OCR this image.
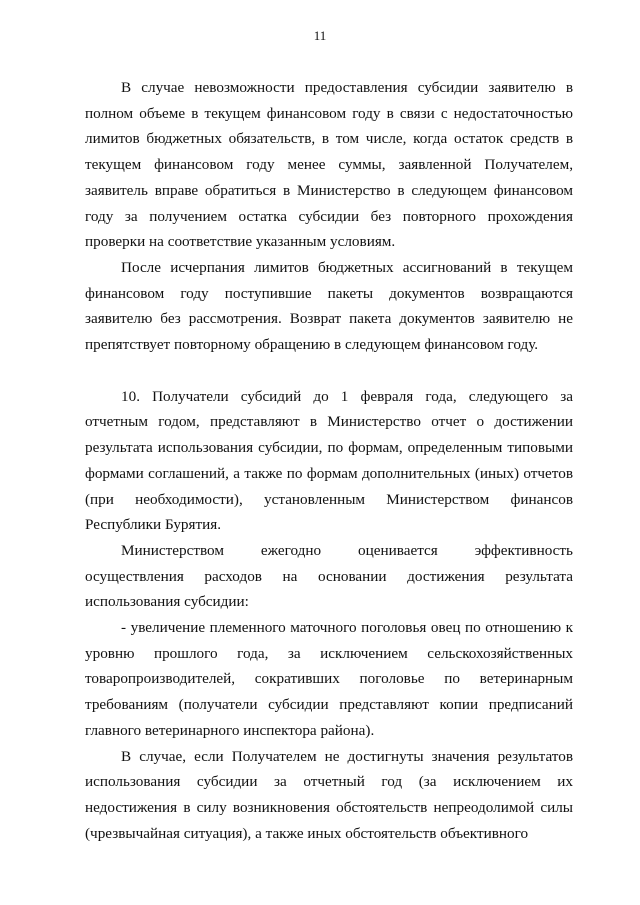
11

В случае невозможности предоставления субсидии заявителю в полном объеме в текущем финансовом году в связи с недостаточностью лимитов бюджетных обязательств, в том числе, когда остаток средств в текущем финансовом году менее суммы, заявленной Получателем, заявитель вправе обратиться в Министерство в следующем финансовом году за получением остатка субсидии без повторного прохождения проверки на соответствие указанным условиям.

После исчерпания лимитов бюджетных ассигнований в текущем финансовом году поступившие пакеты документов возвращаются заявителю без рассмотрения. Возврат пакета документов заявителю не препятствует повторному обращению в следующем финансовом году.

10. Получатели субсидий до 1 февраля года, следующего за отчетным годом, представляют в Министерство отчет о достижении результата использования субсидии, по формам, определенным типовыми формами соглашений, а также по формам дополнительных (иных) отчетов (при необходимости), установленным Министерством финансов Республики Бурятия.

Министерством ежегодно оценивается эффективность осуществления расходов на основании достижения результата использования субсидии:

- увеличение племенного маточного поголовья овец по отношению к уровню прошлого года, за исключением сельскохозяйственных товаропроизводителей, сокративших поголовье по ветеринарным требованиям (получатели субсидии представляют копии предписаний главного ветеринарного инспектора района).

В случае, если Получателем не достигнуты значения результатов использования субсидии за отчетный год (за исключением их недостижения в силу возникновения обстоятельств непреодолимой силы (чрезвычайная ситуация), а также иных обстоятельств объективного
